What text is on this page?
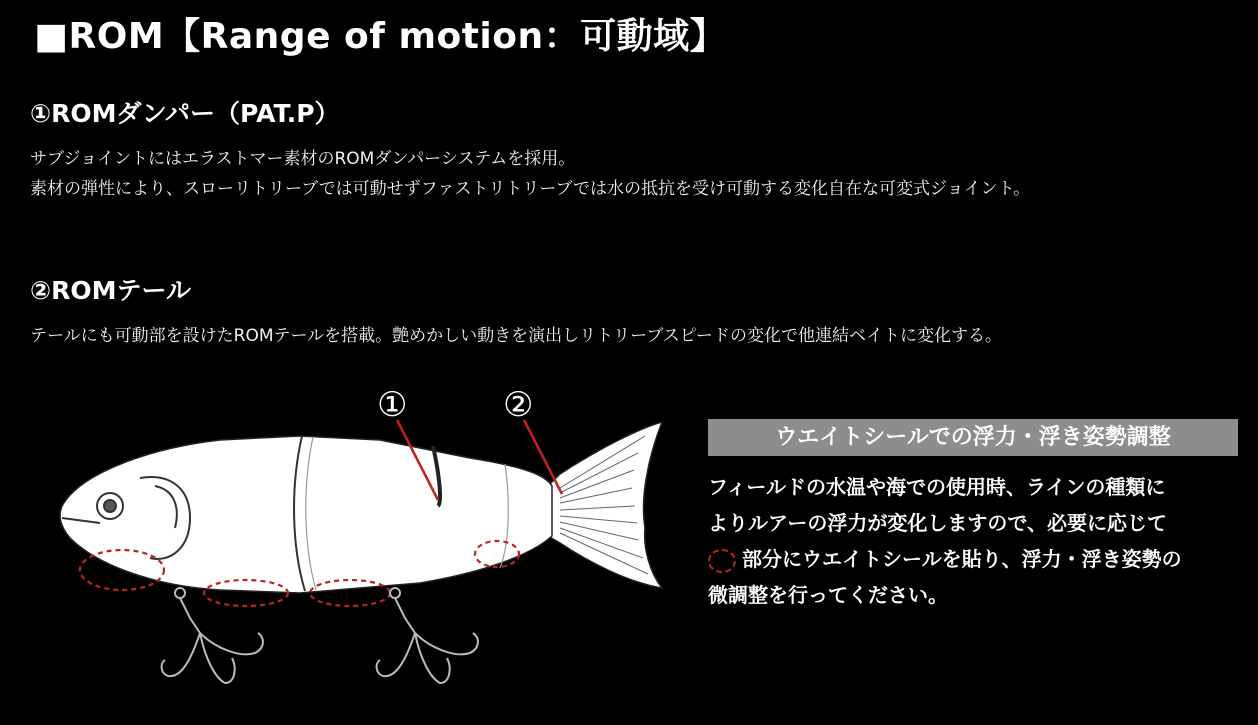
■ROM【Range of motion：可動域】
①ROMダンパー（PAT.P）
サブジョイントにはエラストマー素材のROMダンパーシステムを採用。
素材の弾性により、スローリトリーブでは可動せずファストリトリーブでは水の抵抗を受け可動する変化自在な可変式ジョイント。
②ROMテール
テールにも可動部を設けたROMテールを搭載。艶めかしい動きを演出しリトリーブスピードの変化で他連結ベイトに変化する。
①	②
ウエイトシールでの浮力・浮き姿勢調整
フィールドの水温や海での使用時、ラインの種類に
よりルアーの浮力が変化しますので、必要に応じて
部分にウエイトシールを貼り、浮力・浮き姿勢の
微調整を行ってください。
